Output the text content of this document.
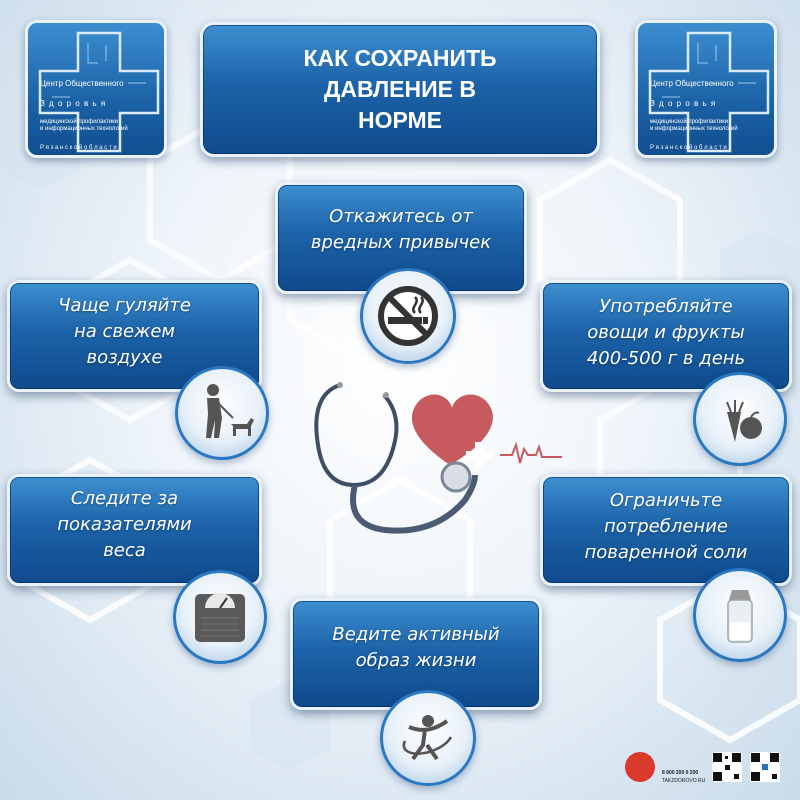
Центр Общественного

З д о р о в ь я

медицинской профилактики
и информационных технологий

Р я з а н с к о й о б л а с т и

Центр Общественного

З д о р о в ь я

медицинской профилактики
и информационных технологий

Р я з а н с к о й о б л а с т и

КАК СОХРАНИТЬ
ДАВЛЕНИЕ В
НОРМЕ
Откажитесь от
вредных привычек
Чаще гуляйте
на свежем
воздухе
Употребляйте
овощи и фрукты
400-500 г в день
Следите за
показателями
веса
Ограничьте
потребление
поваренной соли
Ведите активный
образ жизни
8 800 200 0 200
TAKZDOROVO.RU
